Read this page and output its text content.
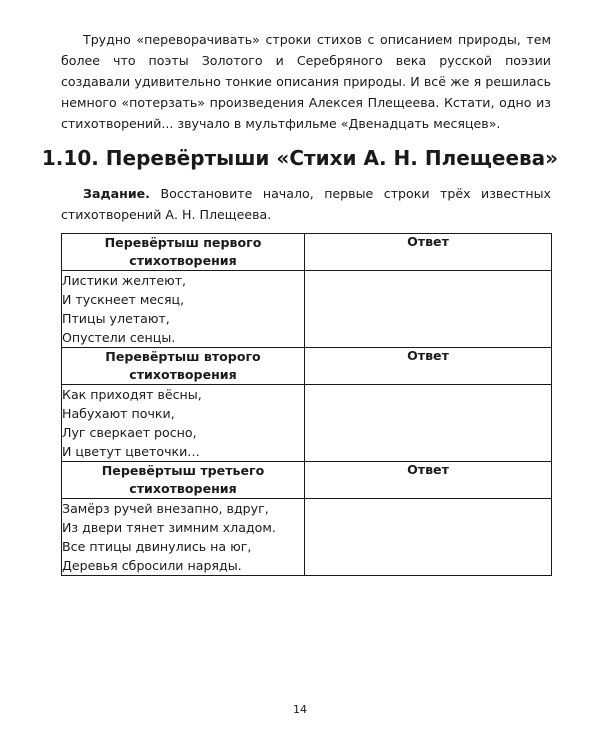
Трудно «переворачивать» строки стихов с описанием природы, тем более что поэты Золотого и Серебряного века русской поэзии создавали удивительно тонкие описания природы. И всё же я решилась немного «потерзать» произведения Алексея Плещеева. Кстати, одно из стихотворений... звучало в мультфильме «Двенадцать месяцев».

1.10. Перевёртыши «Стихи А. Н. Плещеева»

Задание. Восстановите начало, первые строки трёх известных стихотворений А. Н. Плещеева.

Перевёртыш первого стихотворения	Ответ

Листики желтеют,
И тускнеет месяц,
Птицы улетают,
Опустели сенцы.	

Перевёртыш второго стихотворения	Ответ

Как приходят вёсны,
Набухают почки,
Луг сверкает росно,
И цветут цветочки…	

Перевёртыш третьего стихотворения	Ответ

Замёрз ручей внезапно, вдруг,
Из двери тянет зимним хладом.
Все птицы двинулись на юг,
Деревья сбросили наряды.	

14
